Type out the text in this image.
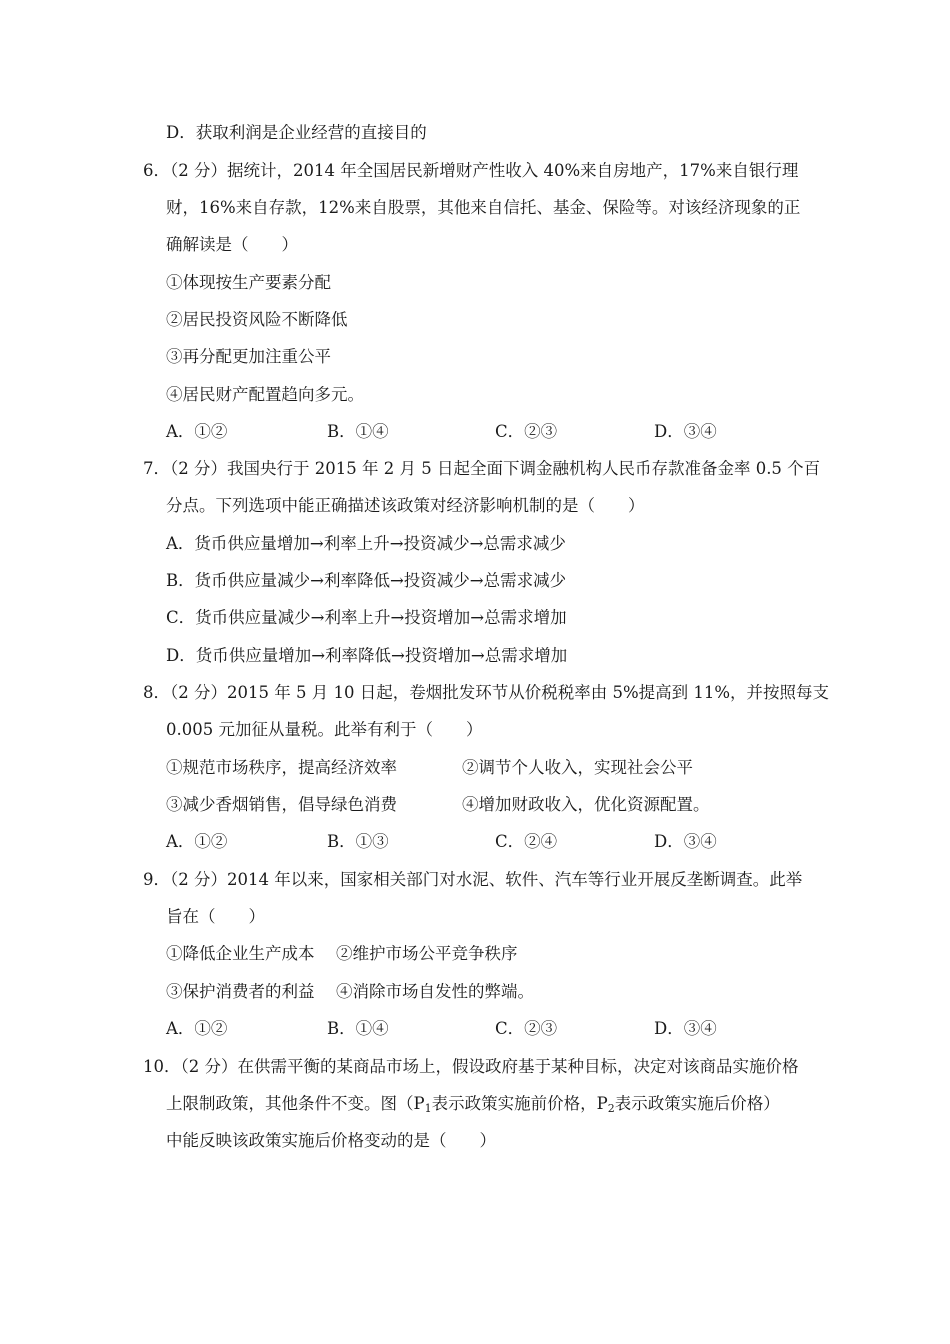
D．获取利润是企业经营的直接目的
6．（2 分）据统计，2014 年全国居民新增财产性收入 40%来自房地产，17%来自银行理
财，16%来自存款，12%来自股票，其他来自信托、基金、保险等。对该经济现象的正
确解读是（　　）
①体现按生产要素分配
②居民投资风险不断降低
③再分配更加注重公平
④居民财产配置趋向多元。
A．①②	B．①④	C．②③	D．③④
7．（2 分）我国央行于 2015 年 2 月 5 日起全面下调金融机构人民币存款准备金率 0.5 个百
分点。下列选项中能正确描述该政策对经济影响机制的是（　　）
A．货币供应量增加→利率上升→投资减少→总需求减少
B．货币供应量减少→利率降低→投资减少→总需求减少
C．货币供应量减少→利率上升→投资增加→总需求增加
D．货币供应量增加→利率降低→投资增加→总需求增加
8．（2 分）2015 年 5 月 10 日起，卷烟批发环节从价税税率由 5%提高到 11%，并按照每支
0.005 元加征从量税。此举有利于（　　）
①规范市场秩序，提高经济效率	②调节个人收入，实现社会公平
③减少香烟销售，倡导绿色消费	④增加财政收入，优化资源配置。
A．①②	B．①③	C．②④	D．③④
9．（2 分）2014 年以来，国家相关部门对水泥、软件、汽车等行业开展反垄断调查。此举
旨在（　　）
①降低企业生产成本 ②维护市场公平竞争秩序
③保护消费者的利益 ④消除市场自发性的弊端。
A．①②	B．①④	C．②③	D．③④
10．（2 分）在供需平衡的某商品市场上，假设政府基于某种目标，决定对该商品实施价格
上限制政策，其他条件不变。图（$P_1$表示政策实施前价格，$P_2$表示政策实施后价格）
中能反映该政策实施后价格变动的是（　　）
